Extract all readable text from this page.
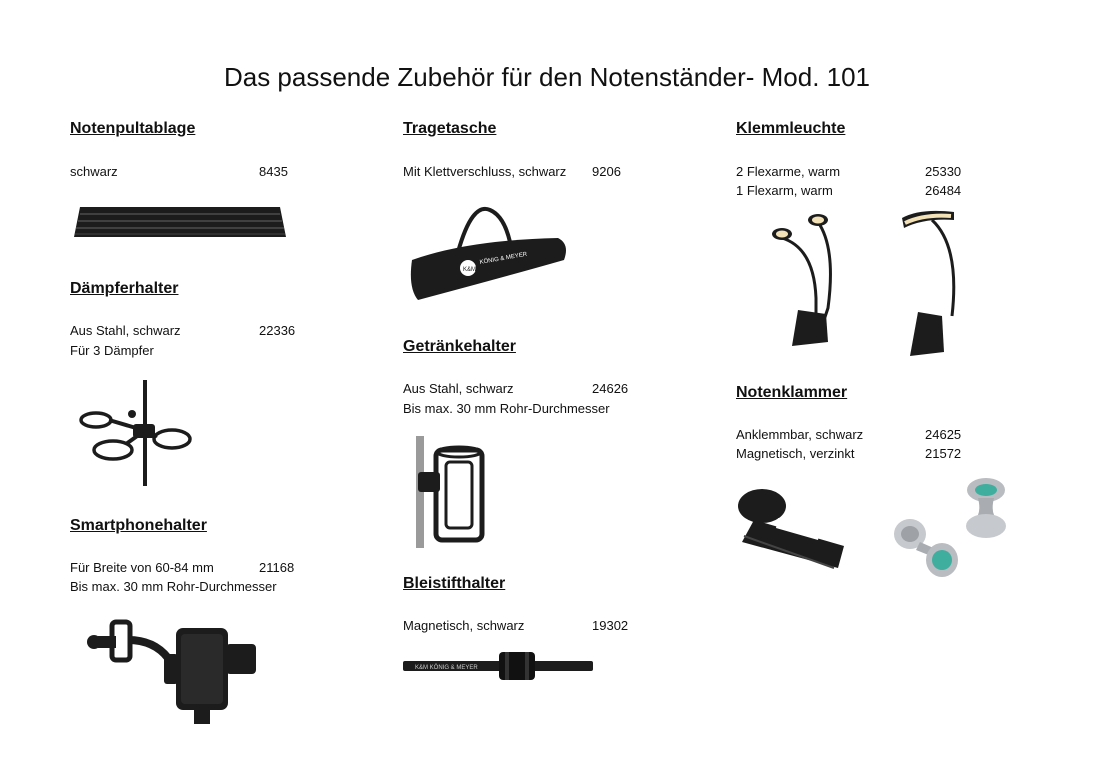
Das passende Zubehör für den Notenständer- Mod. 101
Notenpultablage
schwarz	8435
Dämpferhalter
Aus Stahl, schwarz	22336
Für 3 Dämpfer
Smartphonehalter
Für Breite von 60-84 mm	21168
Bis max. 30 mm Rohr-Durchmesser
Tragetasche
Mit Klettverschluss, schwarz 9206
K&M
KÖNIG & MEYER
Getränkehalter
Aus Stahl, schwarz	24626
Bis max. 30 mm Rohr-Durchmesser
Bleistifthalter
Magnetisch, schwarz	19302
K&M KÖNIG & MEYER
Klemmleuchte
2 Flexarme, warm	25330
1 Flexarm, warm	26484
Notenklammer
Anklemmbar, schwarz	24625
Magnetisch, verzinkt	21572
